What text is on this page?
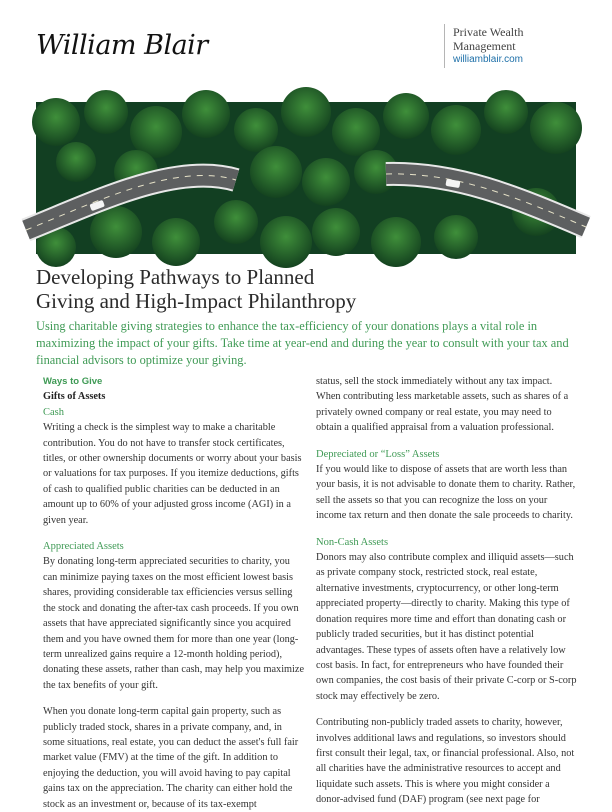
William Blair	Private Wealth
Management
williamblair.com
Developing Pathways to Planned
Giving and High-Impact Philanthropy
Using charitable giving strategies to enhance the tax-efficiency of your donations plays a vital role in maximizing the impact of your gifts. Take time at year-end and during the year to consult with your tax and financial advisors to optimize your giving.

Ways to Give

Gifts of Assets

Cash

Writing a check is the simplest way to make a charitable contribution. You do not have to transfer stock certificates, titles, or other ownership documents or worry about your basis or valuations for tax purposes. If you itemize deductions, gifts of cash to qualified public charities can be deducted in an amount up to 60% of your adjusted gross income (AGI) in a given year.

Appreciated Assets

By donating long-term appreciated securities to charity, you can minimize paying taxes on the most efficient lowest basis shares, providing considerable tax efficiencies versus selling the stock and donating the after-tax cash proceeds. If you own assets that have appreciated significantly since you acquired them and you have owned them for more than one year (long-term unrealized gains require a 12-month holding period), donating these assets, rather than cash, may help you maximize the tax benefits of your gift.

When you donate long-term capital gain property, such as publicly traded stock, shares in a private company, and, in some situations, real estate, you can deduct the asset's full fair market value (FMV) at the time of the gift. In addition to enjoying the deduction, you will avoid having to pay capital gains tax on the appreciation. The charity can either hold the stock as an investment or, because of its tax-exempt

status, sell the stock immediately without any tax impact. When contributing less marketable assets, such as shares of a privately owned company or real estate, you may need to obtain a qualified appraisal from a valuation professional.

Depreciated or “Loss” Assets

If you would like to dispose of assets that are worth less than your basis, it is not advisable to donate them to charity. Rather, sell the assets so that you can recognize the loss on your income tax return and then donate the sale proceeds to charity.

Non-Cash Assets

Donors may also contribute complex and illiquid assets—such as private company stock, restricted stock, real estate, alternative investments, cryptocurrency, or other long-term appreciated property—directly to charity. Making this type of donation requires more time and effort than donating cash or publicly traded securities, but it has distinct potential advantages. These types of assets often have a relatively low cost basis. In fact, for entrepreneurs who have founded their own companies, the cost basis of their private C-corp or S-corp stock may effectively be zero.

Contributing non-publicly traded assets to charity, however, involves additional laws and regulations, so investors should first consult their legal, tax, or financial professional. Also, not all charities have the administrative resources to accept and liquidate such assets. This is where you might consider a donor-advised fund (DAF) program (see next page for
